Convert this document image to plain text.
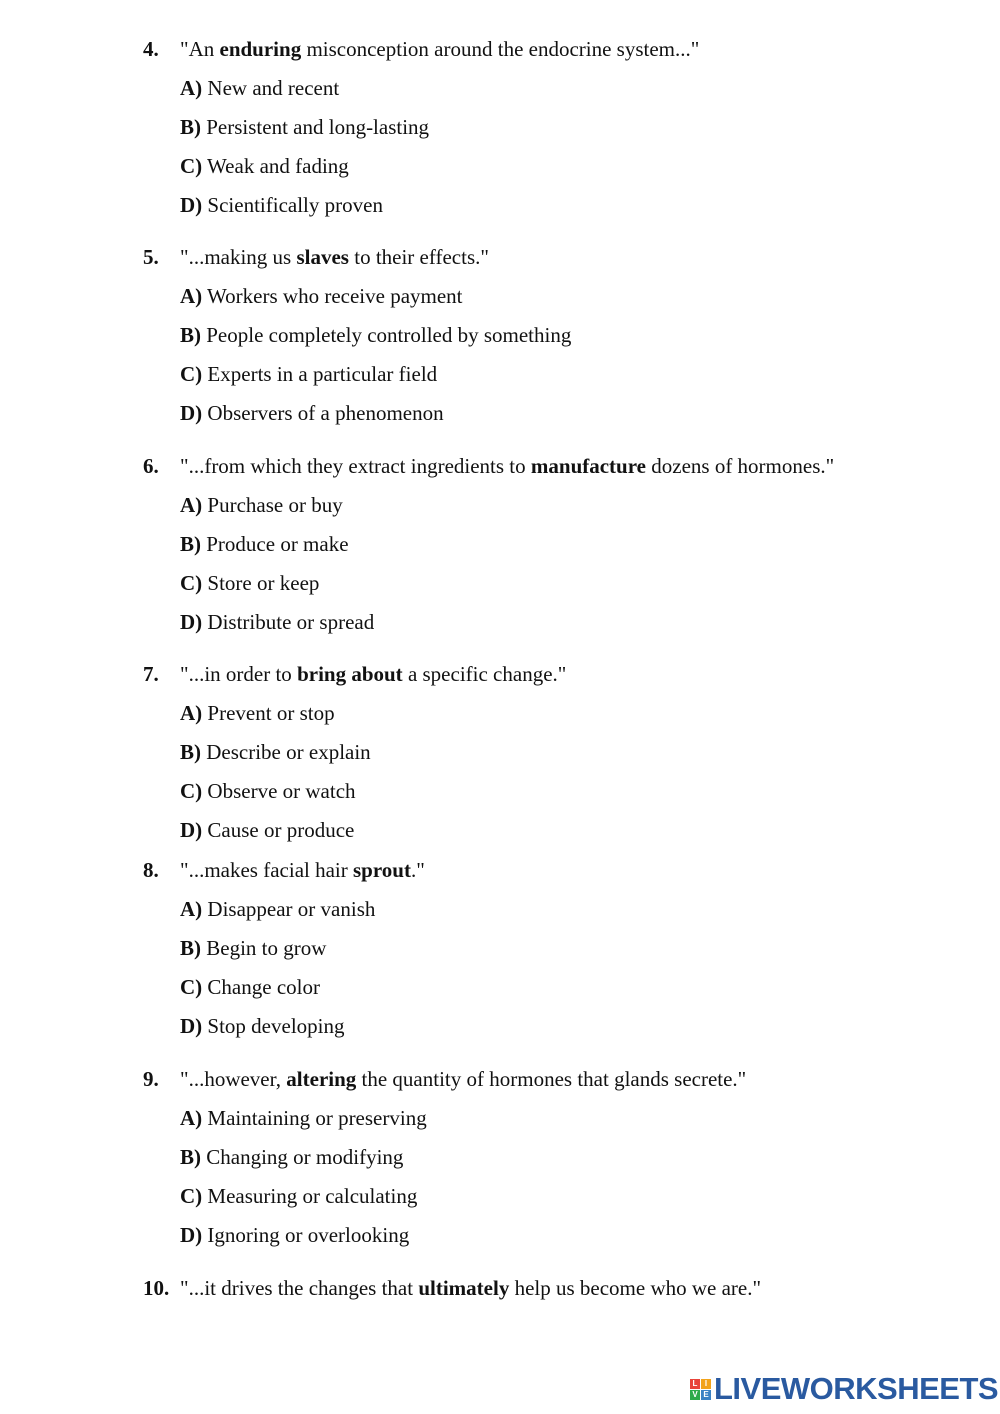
4. "An enduring misconception around the endocrine system..."
A) New and recent
B) Persistent and long-lasting
C) Weak and fading
D) Scientifically proven
5. "...making us slaves to their effects."
A) Workers who receive payment
B) People completely controlled by something
C) Experts in a particular field
D) Observers of a phenomenon
6. "...from which they extract ingredients to manufacture dozens of hormones."
A) Purchase or buy
B) Produce or make
C) Store or keep
D) Distribute or spread
7. "...in order to bring about a specific change."
A) Prevent or stop
B) Describe or explain
C) Observe or watch
D) Cause or produce
8. "...makes facial hair sprout."
A) Disappear or vanish
B) Begin to grow
C) Change color
D) Stop developing
9. "...however, altering the quantity of hormones that glands secrete."
A) Maintaining or preserving
B) Changing or modifying
C) Measuring or calculating
D) Ignoring or overlooking
10. "...it drives the changes that ultimately help us become who we are."
L I
V E LIVEWORKSHEETS
